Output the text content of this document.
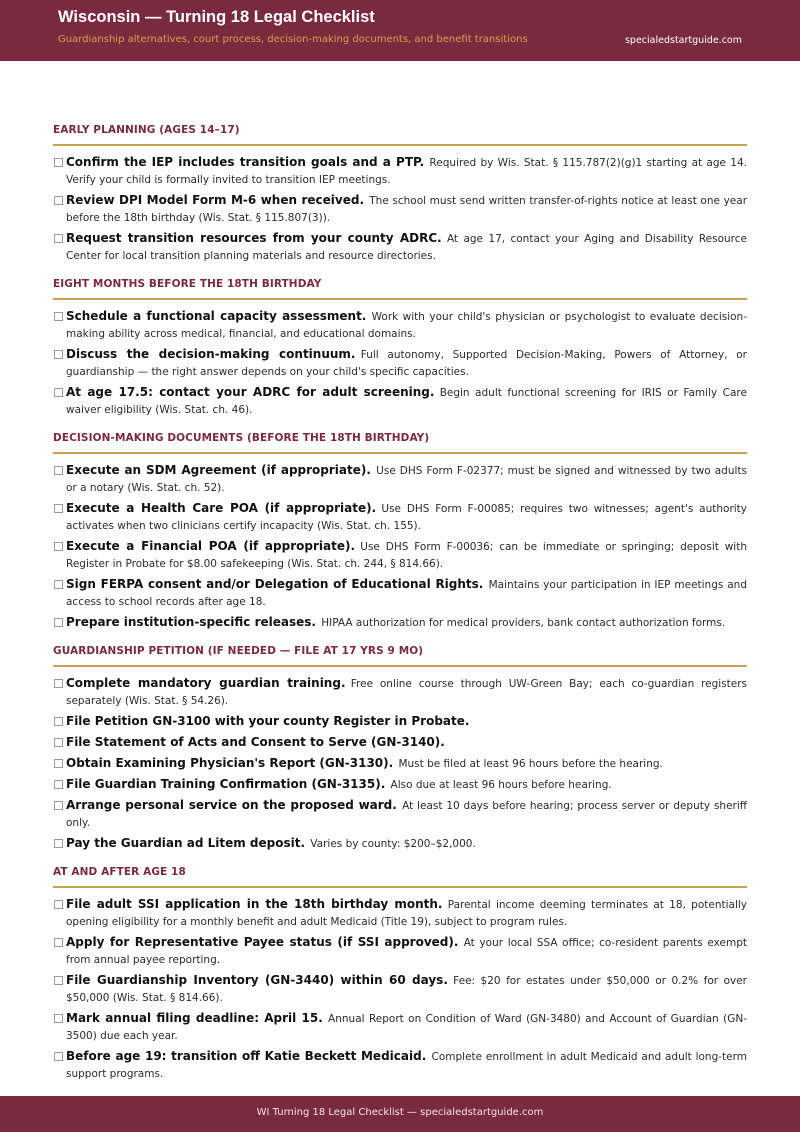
Wisconsin — Turning 18 Legal Checklist
Guardianship alternatives, court process, decision-making documents, and benefit transitions	specialedstartguide.com
EARLY PLANNING (AGES 14–17)
Confirm the IEP includes transition goals and a PTP.  Required by Wis. Stat. § 115.787(2)(g)1 starting at age 14. Verify your child is formally invited to transition IEP meetings.
Review DPI Model Form M-6 when received.  The school must send written transfer-of-rights notice at least one year before the 18th birthday (Wis. Stat. § 115.807(3)).
Request transition resources from your county ADRC.  At age 17, contact your Aging and Disability Resource Center for local transition planning materials and resource directories.
EIGHT MONTHS BEFORE THE 18TH BIRTHDAY
Schedule a functional capacity assessment.  Work with your child's physician or psychologist to evaluate decision-making ability across medical, financial, and educational domains.
Discuss the decision-making continuum.  Full autonomy, Supported Decision-Making, Powers of Attorney, or guardianship — the right answer depends on your child's specific capacities.
At age 17.5: contact your ADRC for adult screening.  Begin adult functional screening for IRIS or Family Care waiver eligibility (Wis. Stat. ch. 46).
DECISION-MAKING DOCUMENTS (BEFORE THE 18TH BIRTHDAY)
Execute an SDM Agreement (if appropriate).  Use DHS Form F-02377; must be signed and witnessed by two adults or a notary (Wis. Stat. ch. 52).
Execute a Health Care POA (if appropriate).  Use DHS Form F-00085; requires two witnesses; agent's authority activates when two clinicians certify incapacity (Wis. Stat. ch. 155).
Execute a Financial POA (if appropriate).  Use DHS Form F-00036; can be immediate or springing; deposit with Register in Probate for $8.00 safekeeping (Wis. Stat. ch. 244, § 814.66).
Sign FERPA consent and/or Delegation of Educational Rights.  Maintains your participation in IEP meetings and access to school records after age 18.
Prepare institution-specific releases.  HIPAA authorization for medical providers, bank contact authorization forms.
GUARDIANSHIP PETITION (IF NEEDED — FILE AT 17 YRS 9 MO)
Complete mandatory guardian training.  Free online course through UW-Green Bay; each co-guardian registers separately (Wis. Stat. § 54.26).
File Petition GN-3100 with your county Register in Probate.
File Statement of Acts and Consent to Serve (GN-3140).
Obtain Examining Physician's Report (GN-3130).  Must be filed at least 96 hours before the hearing.
File Guardian Training Confirmation (GN-3135).  Also due at least 96 hours before hearing.
Arrange personal service on the proposed ward.  At least 10 days before hearing; process server or deputy sheriff only.
Pay the Guardian ad Litem deposit.  Varies by county: $200–$2,000.
AT AND AFTER AGE 18
File adult SSI application in the 18th birthday month.  Parental income deeming terminates at 18, potentially opening eligibility for a monthly benefit and adult Medicaid (Title 19), subject to program rules.
Apply for Representative Payee status (if SSI approved).  At your local SSA office; co-resident parents exempt from annual payee reporting.
File Guardianship Inventory (GN-3440) within 60 days.  Fee: $20 for estates under $50,000 or 0.2% for over $50,000 (Wis. Stat. § 814.66).
Mark annual filing deadline: April 15.  Annual Report on Condition of Ward (GN-3480) and Account of Guardian (GN-3500) due each year.
Before age 19: transition off Katie Beckett Medicaid.  Complete enrollment in adult Medicaid and adult long-term support programs.
WI Turning 18 Legal Checklist — specialedstartguide.com
